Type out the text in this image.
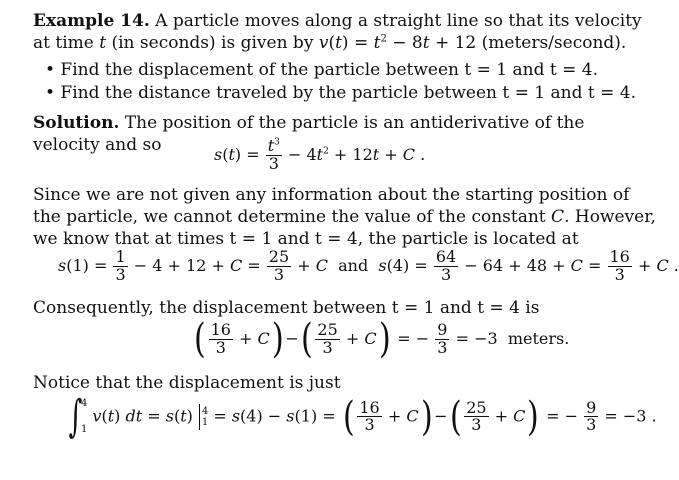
Example 14. A particle moves along a straight line so that its velocity
at time t (in seconds) is given by $v(t) = t^2 - 8t + 12$ (meters/second).
• Find the displacement of the particle between t = 1 and t = 4.
• Find the distance traveled by the particle between t = 1 and t = 4.
Solution. The position of the particle is an antiderivative of the
velocity and so	$s(t) = \frac{t^3}{3} - 4t^2 + 12t + C$ .
Since we are not given any information about the starting position of
the particle, we cannot determine the value of the constant C. However,
we know that at times t = 1 and t = 4, the particle is located at
$s(1) = \frac{1}{3} - 4 + 12 + C = \frac{25}{3} + C$ and $s(4) = \frac{64}{3} - 64 + 48 + C = \frac{16}{3} + C$ .
Consequently, the displacement between t = 1 and t = 4 is
( $\frac{16}{3} + C$) −( $\frac{25}{3} + C$) = − $\frac{9}{3} = -3$  meters.
Notice that the displacement is just
∫
4
1
v(t) dt = s(t) 4
1 = s(4) − s(1) = ( $\frac{16}{3} + C$) −( $\frac{25}{3} + C$) = − $\frac{9}{3} = -3$ .
